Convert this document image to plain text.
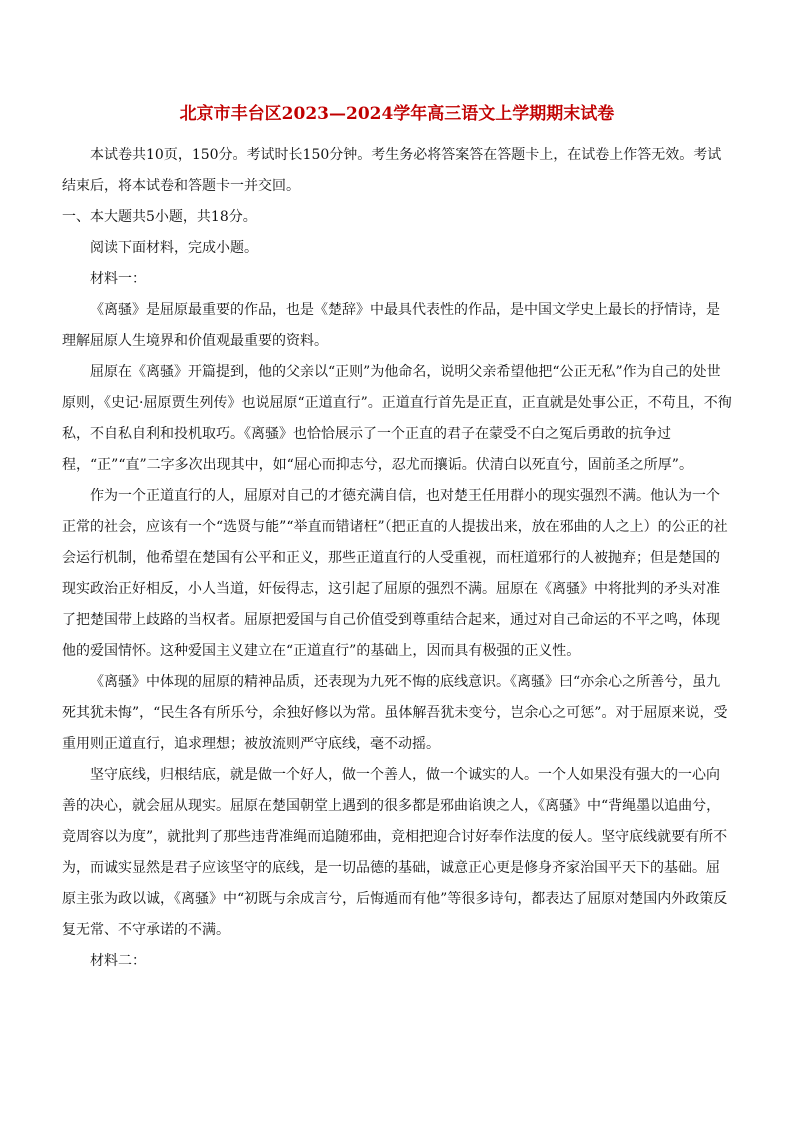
北京市丰台区2023—2024学年高三语文上学期期末试卷

本试卷共10页，150分。考试时长150分钟。考生务必将答案答在答题卡上，在试卷上作答无效。考试结束后，将本试卷和答题卡一并交回。

一、本大题共5小题，共18分。

阅读下面材料，完成小题。

材料一：

《离骚》是屈原最重要的作品，也是《楚辞》中最具代表性的作品，是中国文学史上最长的抒情诗，是理解屈原人生境界和价值观最重要的资料。

屈原在《离骚》开篇提到，他的父亲以“正则”为他命名，说明父亲希望他把“公正无私”作为自己的处世原则，《史记·屈原贾生列传》也说屈原“正道直行”。正道直行首先是正直，正直就是处事公正，不苟且，不徇私，不自私自利和投机取巧。《离骚》也恰恰展示了一个正直的君子在蒙受不白之冤后勇敢的抗争过程，“正”“直”二字多次出现其中，如“屈心而抑志兮，忍尤而攘诟。伏清白以死直兮，固前圣之所厚”。

作为一个正道直行的人，屈原对自己的才德充满自信，也对楚王任用群小的现实强烈不满。他认为一个正常的社会，应该有一个“选贤与能”“举直而错诸枉”（把正直的人提拔出来，放在邪曲的人之上）的公正的社会运行机制，他希望在楚国有公平和正义，那些正道直行的人受重视，而枉道邪行的人被抛弃；但是楚国的现实政治正好相反，小人当道，奸佞得志，这引起了屈原的强烈不满。屈原在《离骚》中将批判的矛头对准了把楚国带上歧路的当权者。屈原把爱国与自己价值受到尊重结合起来，通过对自己命运的不平之鸣，体现他的爱国情怀。这种爱国主义建立在“正道直行”的基础上，因而具有极强的正义性。

《离骚》中体现的屈原的精神品质，还表现为九死不悔的底线意识。《离骚》曰“亦余心之所善兮，虽九死其犹未悔”，“民生各有所乐兮，余独好修以为常。虽体解吾犹未变兮，岂余心之可惩”。对于屈原来说，受重用则正道直行，追求理想；被放流则严守底线，毫不动摇。

坚守底线，归根结底，就是做一个好人，做一个善人，做一个诚实的人。一个人如果没有强大的一心向善的决心，就会屈从现实。屈原在楚国朝堂上遇到的很多都是邪曲谄谀之人，《离骚》中“背绳墨以追曲兮，竞周容以为度”，就批判了那些违背准绳而追随邪曲，竞相把迎合讨好奉作法度的佞人。坚守底线就要有所不为，而诚实显然是君子应该坚守的底线，是一切品德的基础，诚意正心更是修身齐家治国平天下的基础。屈原主张为政以诚，《离骚》中“初既与余成言兮，后悔遁而有他”等很多诗句，都表达了屈原对楚国内外政策反复无常、不守承诺的不满。

材料二：
